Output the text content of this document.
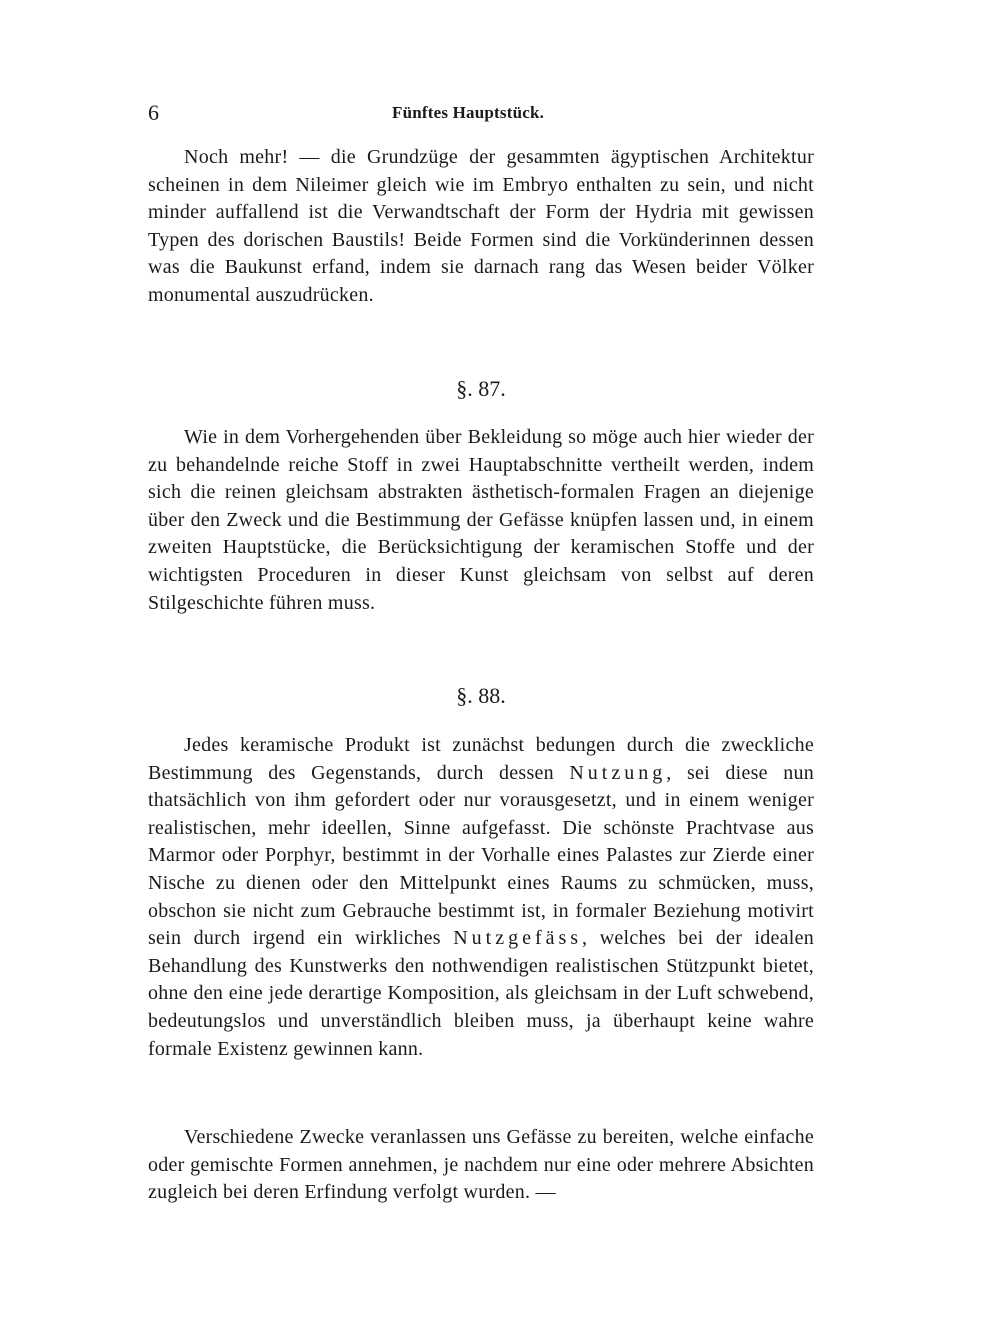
6	Fünftes Hauptstück.

Noch mehr! — die Grundzüge der gesammten ägyptischen Architektur scheinen in dem Nileimer gleich wie im Embryo enthalten zu sein, und nicht minder auffallend ist die Verwandtschaft der Form der Hydria mit gewissen Typen des dorischen Baustils! Beide Formen sind die Vorkünderinnen dessen was die Baukunst erfand, indem sie darnach rang das Wesen beider Völker monumental auszudrücken.

§. 87.

Wie in dem Vorhergehenden über Bekleidung so möge auch hier wieder der zu behandelnde reiche Stoff in zwei Hauptabschnitte vertheilt werden, indem sich die reinen gleichsam abstrakten ästhetisch-formalen Fragen an diejenige über den Zweck und die Bestimmung der Gefässe knüpfen lassen und, in einem zweiten Hauptstücke, die Berücksichtigung der keramischen Stoffe und der wichtigsten Proceduren in dieser Kunst gleichsam von selbst auf deren Stilgeschichte führen muss.

§. 88.

Jedes keramische Produkt ist zunächst bedungen durch die zweckliche Bestimmung des Gegenstands, durch dessen Nutzung, sei diese nun thatsächlich von ihm gefordert oder nur vorausgesetzt, und in einem weniger realistischen, mehr ideellen, Sinne aufgefasst. Die schönste Prachtvase aus Marmor oder Porphyr, bestimmt in der Vorhalle eines Palastes zur Zierde einer Nische zu dienen oder den Mittelpunkt eines Raums zu schmücken, muss, obschon sie nicht zum Gebrauche bestimmt ist, in formaler Beziehung motivirt sein durch irgend ein wirkliches Nutzgefäss, welches bei der idealen Behandlung des Kunstwerks den nothwendigen realistischen Stützpunkt bietet, ohne den eine jede derartige Komposition, als gleichsam in der Luft schwebend, bedeutungslos und unverständlich bleiben muss, ja überhaupt keine wahre formale Existenz gewinnen kann.

Verschiedene Zwecke veranlassen uns Gefässe zu bereiten, welche einfache oder gemischte Formen annehmen, je nachdem nur eine oder mehrere Absichten zugleich bei deren Erfindung verfolgt wurden. —
